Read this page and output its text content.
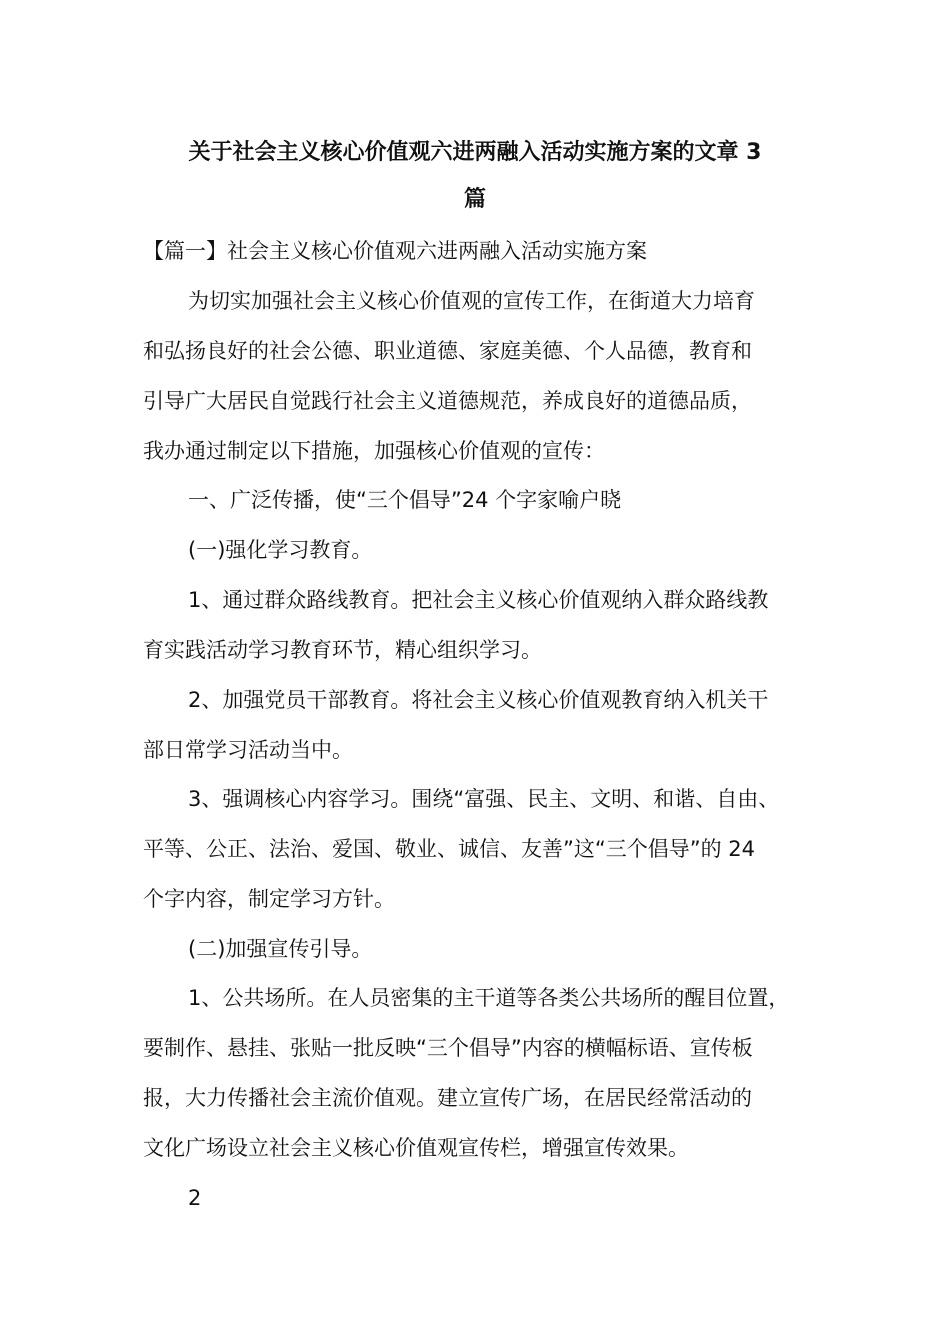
关于社会主义核心价值观六进两融入活动实施方案的文章 3

篇

【篇一】社会主义核心价值观六进两融入活动实施方案

为切实加强社会主义核心价值观的宣传工作，在街道大力培育

和弘扬良好的社会公德、职业道德、家庭美德、个人品德，教育和

引导广大居民自觉践行社会主义道德规范，养成良好的道德品质，

我办通过制定以下措施，加强核心价值观的宣传：

一、广泛传播，使“三个倡导”24 个字家喻户晓

(一)强化学习教育。

1、通过群众路线教育。把社会主义核心价值观纳入群众路线教

育实践活动学习教育环节，精心组织学习。

2、加强党员干部教育。将社会主义核心价值观教育纳入机关干

部日常学习活动当中。

3、强调核心内容学习。围绕“富强、民主、文明、和谐、自由、

平等、公正、法治、爱国、敬业、诚信、友善”这“三个倡导”的 24

个字内容，制定学习方针。

(二)加强宣传引导。

1、公共场所。在人员密集的主干道等各类公共场所的醒目位置，

要制作、悬挂、张贴一批反映“三个倡导”内容的横幅标语、宣传板

报，大力传播社会主流价值观。建立宣传广场，在居民经常活动的

文化广场设立社会主义核心价值观宣传栏，增强宣传效果。

2
